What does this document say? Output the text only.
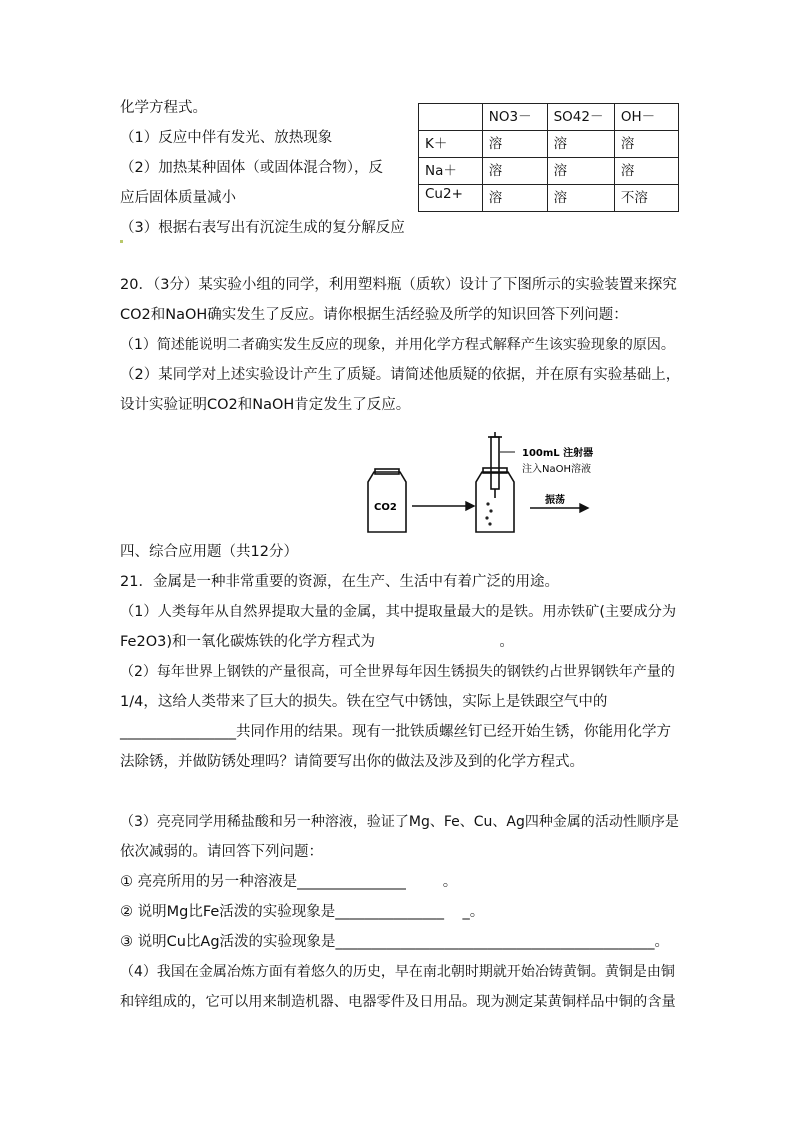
化学方程式。
（1）反应中伴有发光、放热现象
（2）加热某种固体（或固体混合物），反
应后固体质量减小
（3）根据右表写出有沉淀生成的复分解反应
	NO3－	SO42－	OH－
K＋	溶	溶	溶
Na＋	溶	溶	溶
Cu2+	溶	溶	不溶
20．（3分）某实验小组的同学，利用塑料瓶（质软）设计了下图所示的实验装置来探究
CO2和NaOH确实发生了反应。请你根据生活经验及所学的知识回答下列问题：
（1）简述能说明二者确实发生反应的现象，并用化学方程式解释产生该实验现象的原因。
（2）某同学对上述实验设计产生了质疑。请简述他质疑的依据，并在原有实验基础上，
设计实验证明CO2和NaOH肯定发生了反应。
CO2
100mL 注射器
注入NaOH溶液
振荡
四、综合应用题（共12分）
21．金属是一种非常重要的资源，在生产、生活中有着广泛的用途。
（1）人类每年从自然界提取大量的金属，其中提取量最大的是铁。用赤铁矿(主要成分为
Fe2O3)和一氧化碳炼铁的化学方程式为                           。
（2）每年世界上钢铁的产量很高，可全世界每年因生锈损失的钢铁约占世界钢铁年产量的
1/4，这给人类带来了巨大的损失。铁在空气中锈蚀，实际上是铁跟空气中的
________________共同作用的结果。现有一批铁质螺丝钉已经开始生锈，你能用化学方
法除锈，并做防锈处理吗？请简要写出你的做法及涉及到的化学方程式。
（3）亮亮同学用稀盐酸和另一种溶液，验证了Mg、Fe、Cu、Ag四种金属的活动性顺序是
依次减弱的。请回答下列问题：
① 亮亮所用的另一种溶液是_______________        。
② 说明Mg比Fe活泼的实验现象是_______________    _。
③ 说明Cu比Ag活泼的实验现象是____________________________________________。
（4）我国在金属冶炼方面有着悠久的历史，早在南北朝时期就开始冶铸黄铜。黄铜是由铜
和锌组成的，它可以用来制造机器、电器零件及日用品。现为测定某黄铜样品中铜的含量
